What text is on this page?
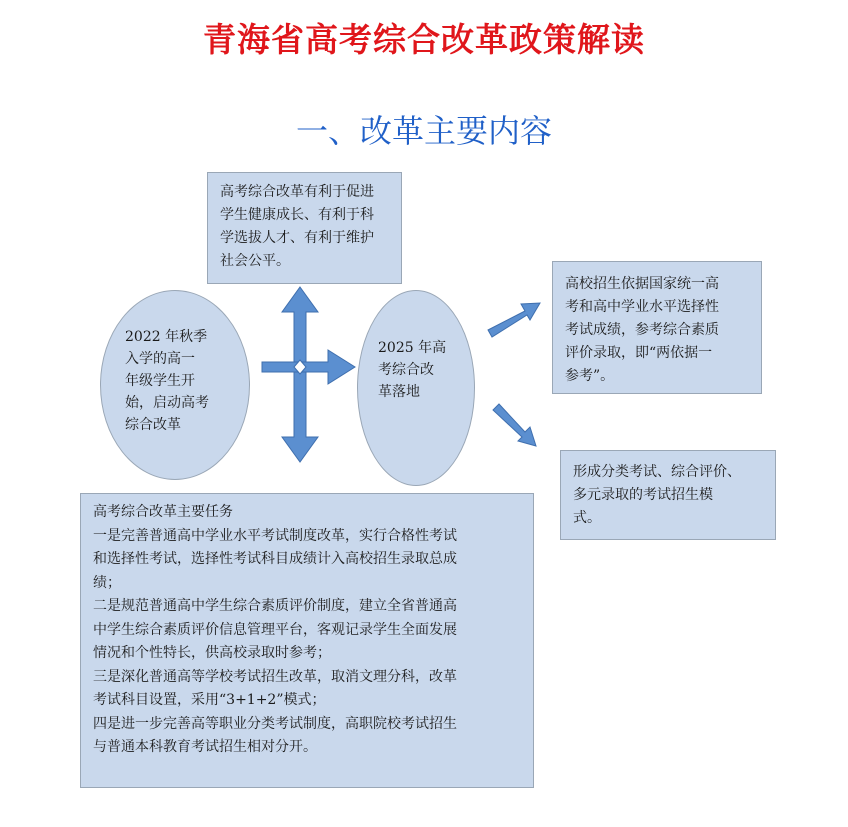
青海省高考综合改革政策解读
一、改革主要内容
高考综合改革有利于促进
学生健康成长、有利于科
学选拔人才、有利于维护
社会公平。
2022 年秋季
入学的高一
年级学生开
始，启动高考
综合改革
2025 年高
考综合改
革落地
高校招生依据国家统一高
考和高中学业水平选择性
考试成绩，参考综合素质
评价录取，即“两依据一
参考”。
形成分类考试、综合评价、
多元录取的考试招生模
式。
高考综合改革主要任务
一是完善普通高中学业水平考试制度改革，实行合格性考试
和选择性考试，选择性考试科目成绩计入高校招生录取总成
绩；
二是规范普通高中学生综合素质评价制度，建立全省普通高
中学生综合素质评价信息管理平台，客观记录学生全面发展
情况和个性特长，供高校录取时参考；
三是深化普通高等学校考试招生改革，取消文理分科，改革
考试科目设置，采用“3+1+2”模式；
四是进一步完善高等职业分类考试制度，高职院校考试招生
与普通本科教育考试招生相对分开。
